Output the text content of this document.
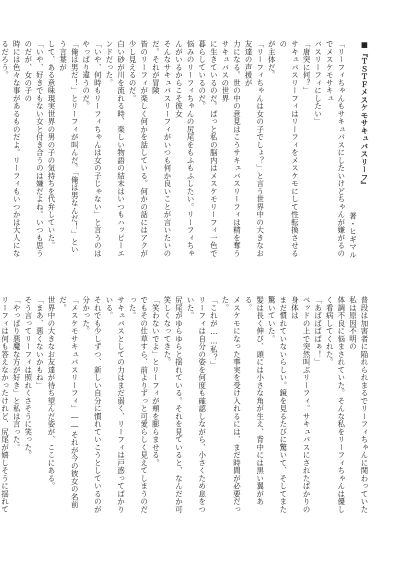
■『ＴＳＴＦメスケモサキュバスリーフ』

著・ヒギマル

「リーフィちゃんもサキュバスにしたいけどちゃんが嫌がるのでメスケモサキュ

バスリーフィにしたい」

「唐突に何？」

サキュバスリーフィはリーフィをメスケモにして性転換させるの

が主体だ。

「リーフィちゃんは女の子でしょ？」と言う世界中の大きなお友達の声援が

力になる。世の中の意見はこうサキュバスリーフィは精を奪うサキュバスの世界

に生きているのだ。ぱっと私の脳内はメスケモリーフィ一色で暮らしているのだ。

悩みのリーフィちゃんの尻尾をもふもふしたい。リーフィちゃんがいるからこそ彼女

そんなサキュバスリーフィがいつも何か良いことが言いたいのだ。それが冒険

皆のリーフィが楽しく何かを話している。何かの話にはアクが少し見えるのだ。

白い砂が川を流れる時、楽しい物語の結末はいつもハッピーエンドだった。

「いや、何時もリーフィちゃんは女の子じゃない」と言うのはやっぱり違うのだ。

「俺は男だ！」とリーフィが叫んだ。「俺は男なんだ！」という言葉が

して、ある意味現実世界の男の子の気持ちを代弁していた。

「いや、好きでもない女と付き合うのは嫌だよね。いつも思うのだが、女の子の

時には色々な事があるものだよ。リーフィもいつかは大人になるだろう。

普段は加害者に陥れられまるでリーフィちゃんに関わっていた私は原因不明の

体調不良に悩まされていた。そんな私をリーフィちゃんは優しく看病してくれた。

「あばばばばぁ！」

ベッドの上で突然叫ぶリーフィ。サキュバスにされたばかりの身体は

まだ慣れていないらしい。鏡を見るたびに驚いて、そしてまた驚いていた。

髪は長く伸び、頭には小さな角が生え、背中には黒い翼がある。

メスケモになった事実を受け入れるには、まだ時間が必要だった。

「これが……私？」

リーフィは自分の姿を何度も確認しながら、小さくため息をついた。

尻尾がゆらゆらと揺れている。それを見ていると、なんだか可笑しくなってきた。

「笑わないでよ」とリーフィが頬を膨らませる。

でもその仕草すら、前よりずっと可愛らしく見えてしまうのだった。

サキュバスとしての力はまだ弱く、リーフィは戸惑ってばかりいる。

それでも少しずつ、新しい自分に慣れていこうとしているのが分かった。

「メスケモサキュバスリーフィ」――それが今の彼女の名前だ。

世界中の大きなお友達が待ち望んだ姿が、ここにある。

「まあ、悪くないかもね」

そう言ってリーフィは照れくさそうに笑った。

「やっぱり悪魔な方が好き」と私は言った。

リーフィは何も答えなかったけれど、尻尾が嬉しそうに揺れて
